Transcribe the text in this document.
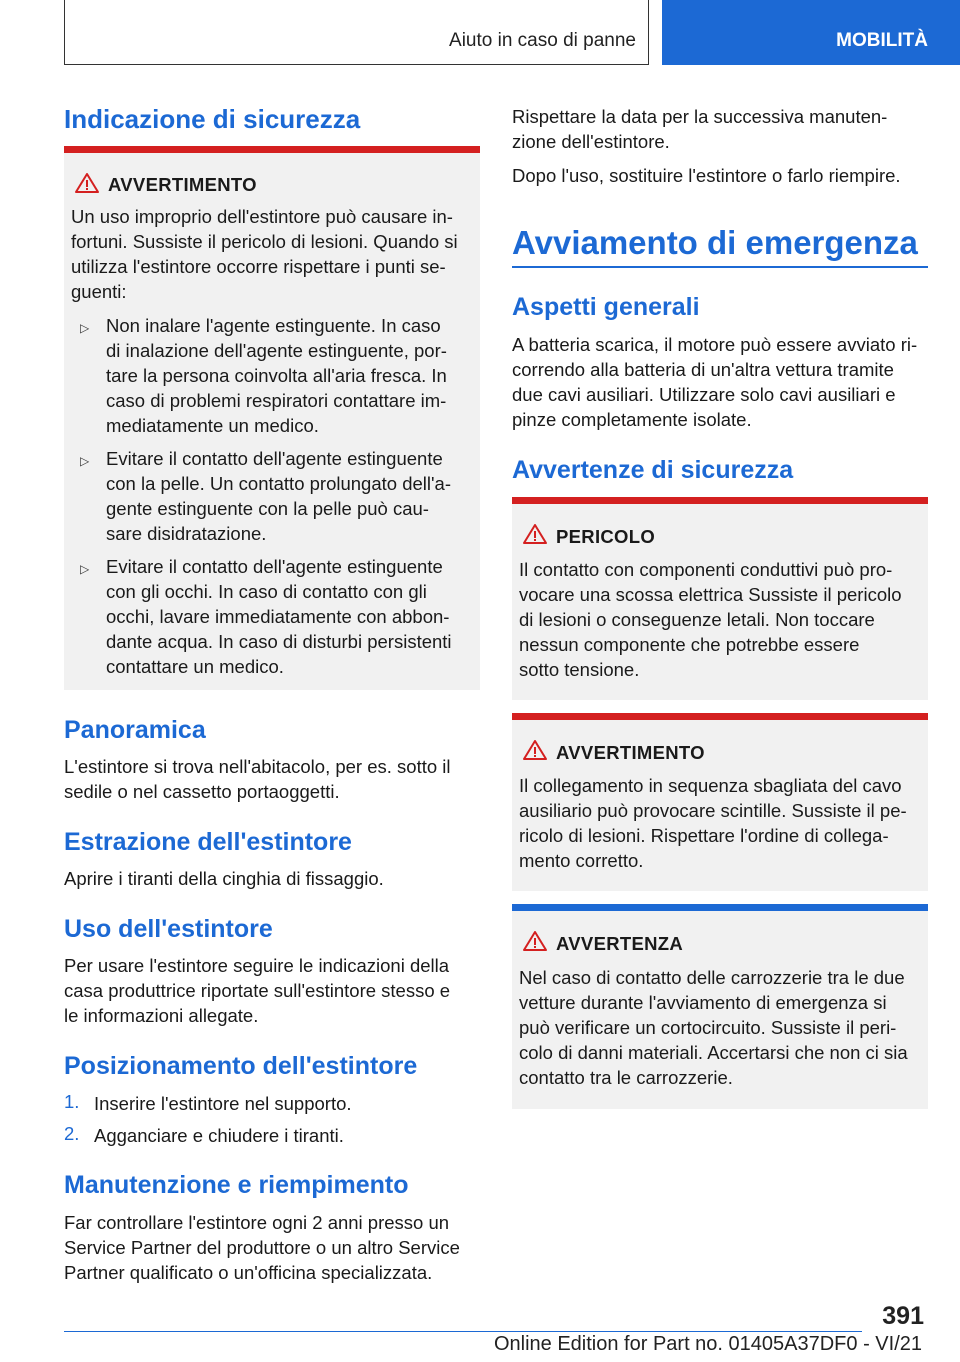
Aiuto in caso di panne	MOBILITÀ
Indicazione di sicurezza
AVVERTIMENTO
Un uso improprio dell'estintore può causare in-
fortuni. Sussiste il pericolo di lesioni. Quando si
utilizza l'estintore occorre rispettare i punti se-
guenti:
▷ Non inalare l'agente estinguente. In caso
di inalazione dell'agente estinguente, por-
tare la persona coinvolta all'aria fresca. In
caso di problemi respiratori contattare im-
mediatamente un medico.
▷ Evitare il contatto dell'agente estinguente
con la pelle. Un contatto prolungato dell'a-
gente estinguente con la pelle può cau-
sare disidratazione.
▷ Evitare il contatto dell'agente estinguente
con gli occhi. In caso di contatto con gli
occhi, lavare immediatamente con abbon-
dante acqua. In caso di disturbi persistenti
contattare un medico.
Panoramica
L'estintore si trova nell'abitacolo, per es. sotto il
sedile o nel cassetto portaoggetti.
Estrazione dell'estintore
Aprire i tiranti della cinghia di fissaggio.
Uso dell'estintore
Per usare l'estintore seguire le indicazioni della
casa produttrice riportate sull'estintore stesso e
le informazioni allegate.
Posizionamento dell'estintore
1. Inserire l'estintore nel supporto.
2. Agganciare e chiudere i tiranti.
Manutenzione e riempimento
Far controllare l'estintore ogni 2 anni presso un
Service Partner del produttore o un altro Service
Partner qualificato o un'officina specializzata.
Rispettare la data per la successiva manuten-
zione dell'estintore.
Dopo l'uso, sostituire l'estintore o farlo riempire.
Avviamento di emergenza
Aspetti generali
A batteria scarica, il motore può essere avviato ri-
correndo alla batteria di un'altra vettura tramite
due cavi ausiliari. Utilizzare solo cavi ausiliari e
pinze completamente isolate.
Avvertenze di sicurezza
PERICOLO
Il contatto con componenti conduttivi può pro-
vocare una scossa elettrica Sussiste il pericolo
di lesioni o conseguenze letali. Non toccare
nessun componente che potrebbe essere
sotto tensione.
AVVERTIMENTO
Il collegamento in sequenza sbagliata del cavo
ausiliario può provocare scintille. Sussiste il pe-
ricolo di lesioni. Rispettare l'ordine di collega-
mento corretto.
AVVERTENZA
Nel caso di contatto delle carrozzerie tra le due
vetture durante l'avviamento di emergenza si
può verificare un cortocircuito. Sussiste il peri-
colo di danni materiali. Accertarsi che non ci sia
contatto tra le carrozzerie.
391
Online Edition for Part no. 01405A37DF0 - VI/21
